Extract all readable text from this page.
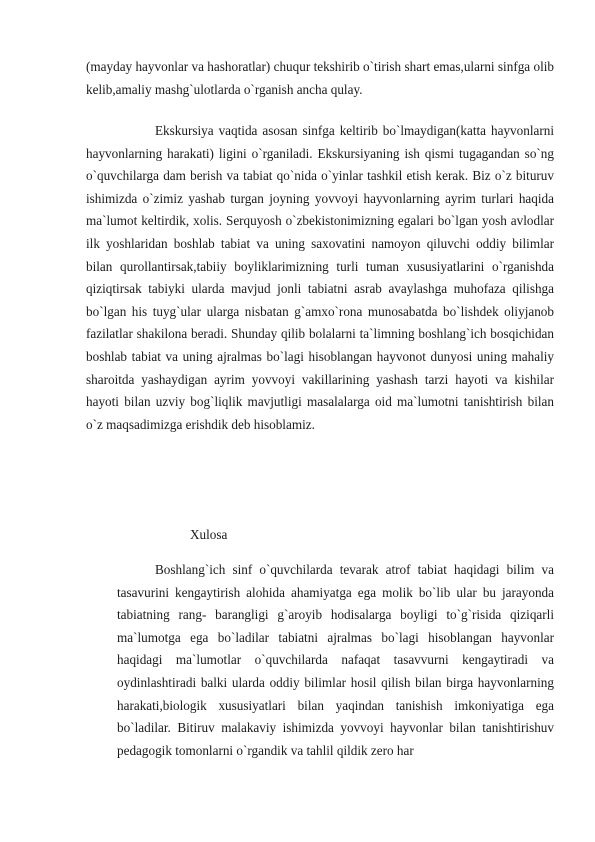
(mayday hayvonlar va hashoratlar) chuqur tekshirib o`tirish shart emas,ularni sinfga olib kelib,amaliy mashg`ulotlarda o`rganish ancha qulay.

Ekskursiya vaqtida asosan sinfga keltirib bo`lmaydigan(katta hayvonlarni hayvonlarning harakati) ligini o`rganiladi. Ekskursiyaning ish qismi tugagandan so`ng o`quvchilarga dam berish va tabiat qo`nida o`yinlar tashkil etish kerak. Biz o`z bituruv ishimizda o`zimiz yashab turgan joyning yovvoyi hayvonlarning ayrim turlari haqida ma`lumot keltirdik, xolis. Serquyosh o`zbekistonimizning egalari bo`lgan yosh avlodlar ilk yoshlaridan boshlab tabiat va uning saxovatini namoyon qiluvchi oddiy bilimlar bilan qurollantirsak,tabiiy boyliklarimizning turli tuman xususiyatlarini o`rganishda qiziqtirsak tabiyki ularda mavjud jonli tabiatni asrab avaylashga muhofaza qilishga bo`lgan his tuyg`ular ularga nisbatan g`amxo`rona munosabatda bo`lishdek oliyjanob fazilatlar shakilona beradi. Shunday qilib bolalarni ta`limning boshlang`ich bosqichidan boshlab tabiat va uning ajralmas bo`lagi hisoblangan hayvonot dunyosi uning mahaliy sharoitda yashaydigan ayrim yovvoyi vakillarining yashash tarzi hayoti va kishilar hayoti bilan uzviy bog`liqlik mavjutligi masalalarga oid ma`lumotni tanishtirish bilan o`z maqsadimizga erishdik deb hisoblamiz.

Xulosa

Boshlang`ich sinf o`quvchilarda tevarak atrof tabiat haqidagi bilim va tasavurini kengaytirish alohida ahamiyatga ega molik bo`lib ular bu jarayonda tabiatning rang- barangligi g`aroyib hodisalarga boyligi to`g`risida qiziqarli ma`lumotga ega bo`ladilar tabiatni ajralmas bo`lagi hisoblangan hayvonlar haqidagi ma`lumotlar o`quvchilarda nafaqat tasavvurni kengaytiradi va oydinlashtiradi balki ularda oddiy bilimlar hosil qilish bilan birga hayvonlarning harakati,biologik xususiyatlari bilan yaqindan tanishish imkoniyatiga ega bo`ladilar. Bitiruv malakaviy ishimizda yovvoyi hayvonlar bilan tanishtirishuv pedagogik tomonlarni o`rgandik va tahlil qildik zero har
